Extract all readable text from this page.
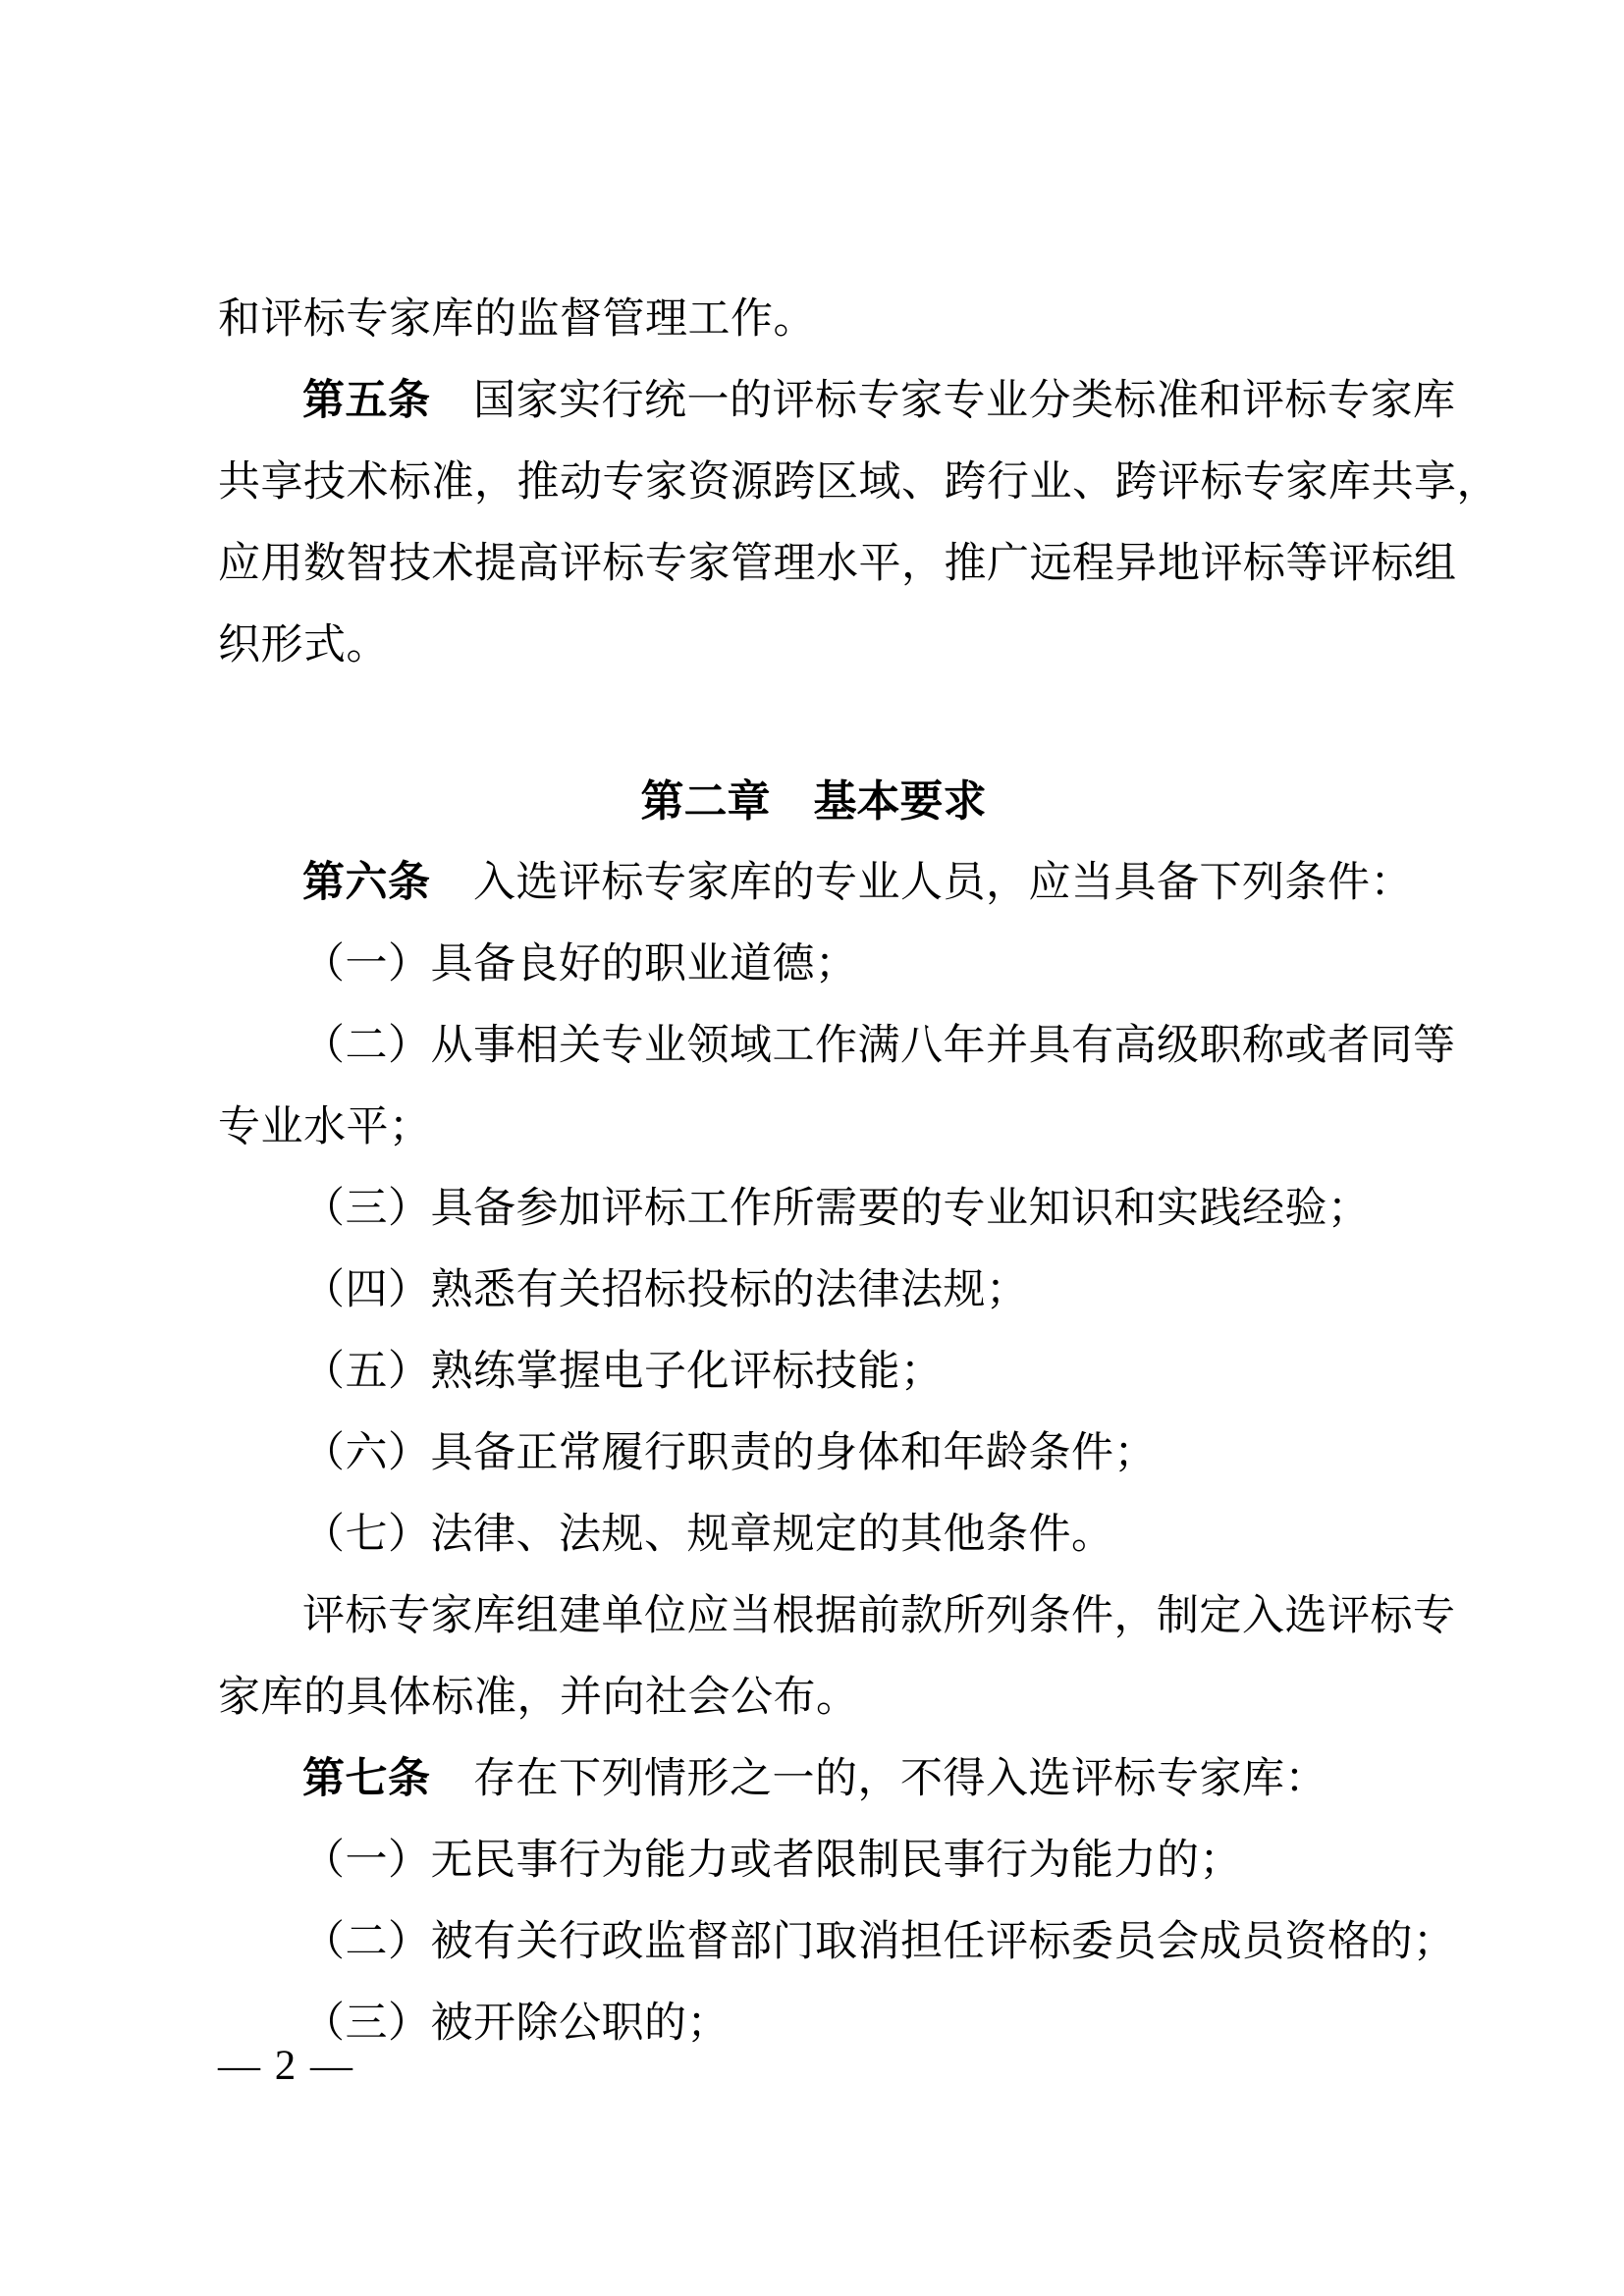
和评标专家库的监督管理工作。
第五条　国家实行统一的评标专家专业分类标准和评标专家库
共享技术标准，推动专家资源跨区域、跨行业、跨评标专家库共享，
应用数智技术提高评标专家管理水平，推广远程异地评标等评标组
织形式。
第二章　基本要求
第六条　入选评标专家库的专业人员，应当具备下列条件：
（一）具备良好的职业道德；
（二）从事相关专业领域工作满八年并具有高级职称或者同等
专业水平；
（三）具备参加评标工作所需要的专业知识和实践经验；
（四）熟悉有关招标投标的法律法规；
（五）熟练掌握电子化评标技能；
（六）具备正常履行职责的身体和年龄条件；
（七）法律、法规、规章规定的其他条件。
评标专家库组建单位应当根据前款所列条件，制定入选评标专
家库的具体标准，并向社会公布。
第七条　存在下列情形之一的，不得入选评标专家库：
（一）无民事行为能力或者限制民事行为能力的；
（二）被有关行政监督部门取消担任评标委员会成员资格的；
（三）被开除公职的；
— 2 —
